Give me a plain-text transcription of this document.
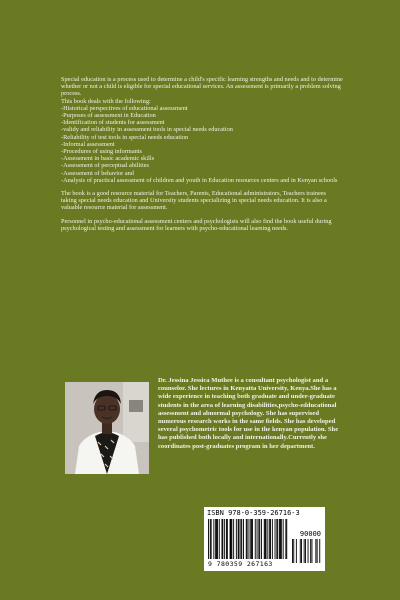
Special education is a process used to determine a child's specific learning strengths and needs and to determine whether or not a child is eligible for special educational services. An assessment is primarily a problem solving process.

This book deals with the following:
-Historical perspectives of educational assessment
-Purposes of assessment in Education
-Identification of students for assessment
-validy and reliability in assessment tools in special needs education
-Reliability of test tools in special needs education
-Informal assessment
-Procedures of using informants
-Assessment in basic academic skills
-Assessment of perceptual abilities
-Assessment of behavior and
-Analysis of practical assessment of children and youth in Education resources centers and in Kenyan schools

The book is a good resource material for Teachers, Parents, Educational administrators, Teachers trainees taking special needs education and University students specializing in special needs education. It is also a valuable resource material for assessment.

Personnel in psycho-educational assessment centers and psychologists will also find the book useful during psychological testing and assessment for learners with psycho-educational learning needs.

Dr. Jessina Jessica Muthee is a consultant psychologist and a counselor. She lectures in Kenyatta University, Kenya.She has a wide experience in teaching both graduate and under-graduate students in the area of learning disabilities,psycho-edducational assessment and abnormal psychology. She has supervised numerous research works in the same fields. She has developed several psychometric tools for use in the kenyan population. She has published both locally and internationally.Currently she coordinates post-graduates program in her department.
ISBN 978-0-359-26716-3
90000
9 780359 267163
